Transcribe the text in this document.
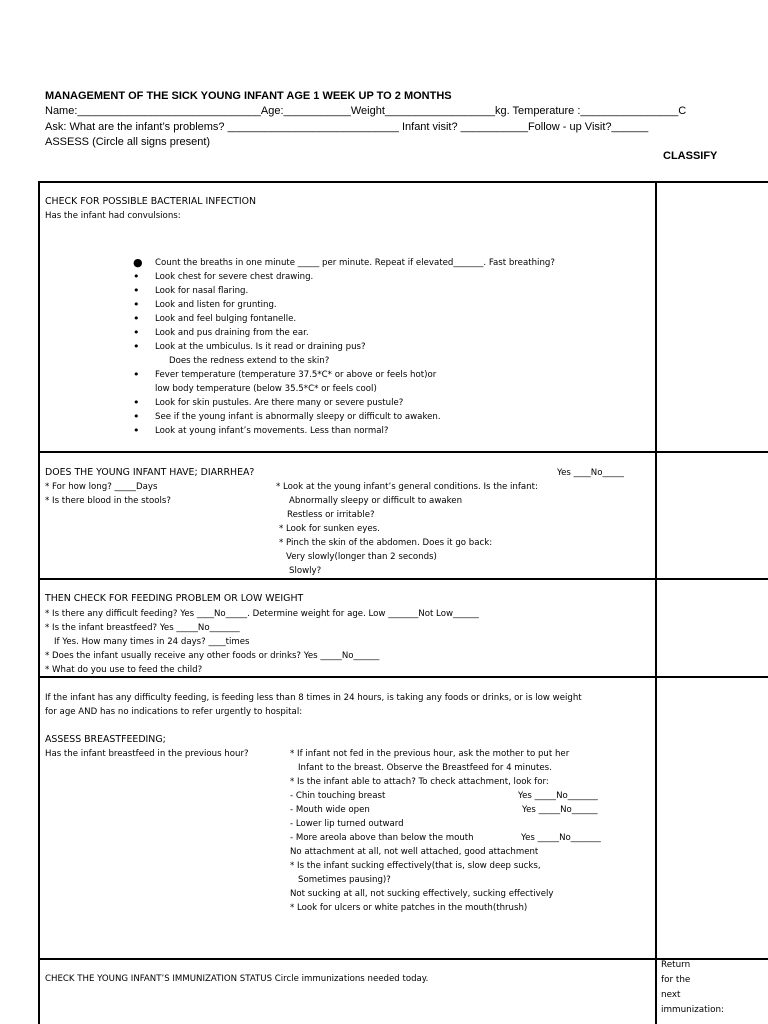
MANAGEMENT OF THE SICK YOUNG INFANT AGE 1 WEEK UP TO 2 MONTHS
Name:______________________________Age:___________Weight__________________kg. Temperature :________________C
Ask: What are the infant’s problems? ____________________________ Infant visit? ___________Follow - up Visit?______
ASSESS (Circle all signs present)
CLASSIFY
CHECK FOR POSSIBLE BACTERIAL INFECTION
Has the infant had convulsions:
● Count the breaths in one minute _____ per minute. Repeat if elevated_______. Fast breathing?
• Look chest for severe chest drawing.
• Look for nasal flaring.
• Look and listen for grunting.
• Look and feel bulging fontanelle.
• Look and pus draining from the ear.
• Look at the umbiculus. Is it read or draining pus?
Does the redness extend to the skin?
• Fever temperature (temperature 37.5*C* or above or feels hot)or
low body temperature (below 35.5*C* or feels cool)
• Look for skin pustules. Are there many or severe pustule?
• See if the young infant is abnormally sleepy or difficult to awaken.
• Look at young infant’s movements. Less than normal?
DOES THE YOUNG INFANT HAVE; DIARRHEA?	Yes ____No_____
* For how long? _____Days
* Is there blood in the stools?
* Look at the young infant’s general conditions. Is the infant:
Abnormally sleepy or difficult to awaken
Restless or irritable?
* Look for sunken eyes.
* Pinch the skin of the abdomen. Does it go back:
Very slowly(longer than 2 seconds)
Slowly?
THEN CHECK FOR FEEDING PROBLEM OR LOW WEIGHT
* Is there any difficult feeding? Yes ____No_____. Determine weight for age. Low _______Not Low______
* Is the infant breastfeed? Yes _____No_______
If Yes. How many times in 24 days? ____times
* Does the infant usually receive any other foods or drinks? Yes _____No______
* What do you use to feed the child?
If the infant has any difficulty feeding, is feeding less than 8 times in 24 hours, is taking any foods or drinks, or is low weight
for age AND has no indications to refer urgently to hospital:
ASSESS BREASTFEEDING;
Has the infant breastfeed in the previous hour?	* If infant not fed in the previous hour, ask the mother to put her
Infant to the breast. Observe the Breastfeed for 4 minutes.
* Is the infant able to attach? To check attachment, look for:
- Chin touching breast	Yes _____No_______
- Mouth wide open	Yes _____No______
- Lower lip turned outward
- More areola above than below the mouth	Yes _____No_______
No attachment at all, not well attached, good attachment
* Is the infant sucking effectively(that is, slow deep sucks,
Sometimes pausing)?
Not sucking at all, not sucking effectively, sucking effectively
* Look for ulcers or white patches in the mouth(thrush)
CHECK THE YOUNG INFANT’S IMMUNIZATION STATUS Circle immunizations needed today.
Return
for the
next
immunization:
